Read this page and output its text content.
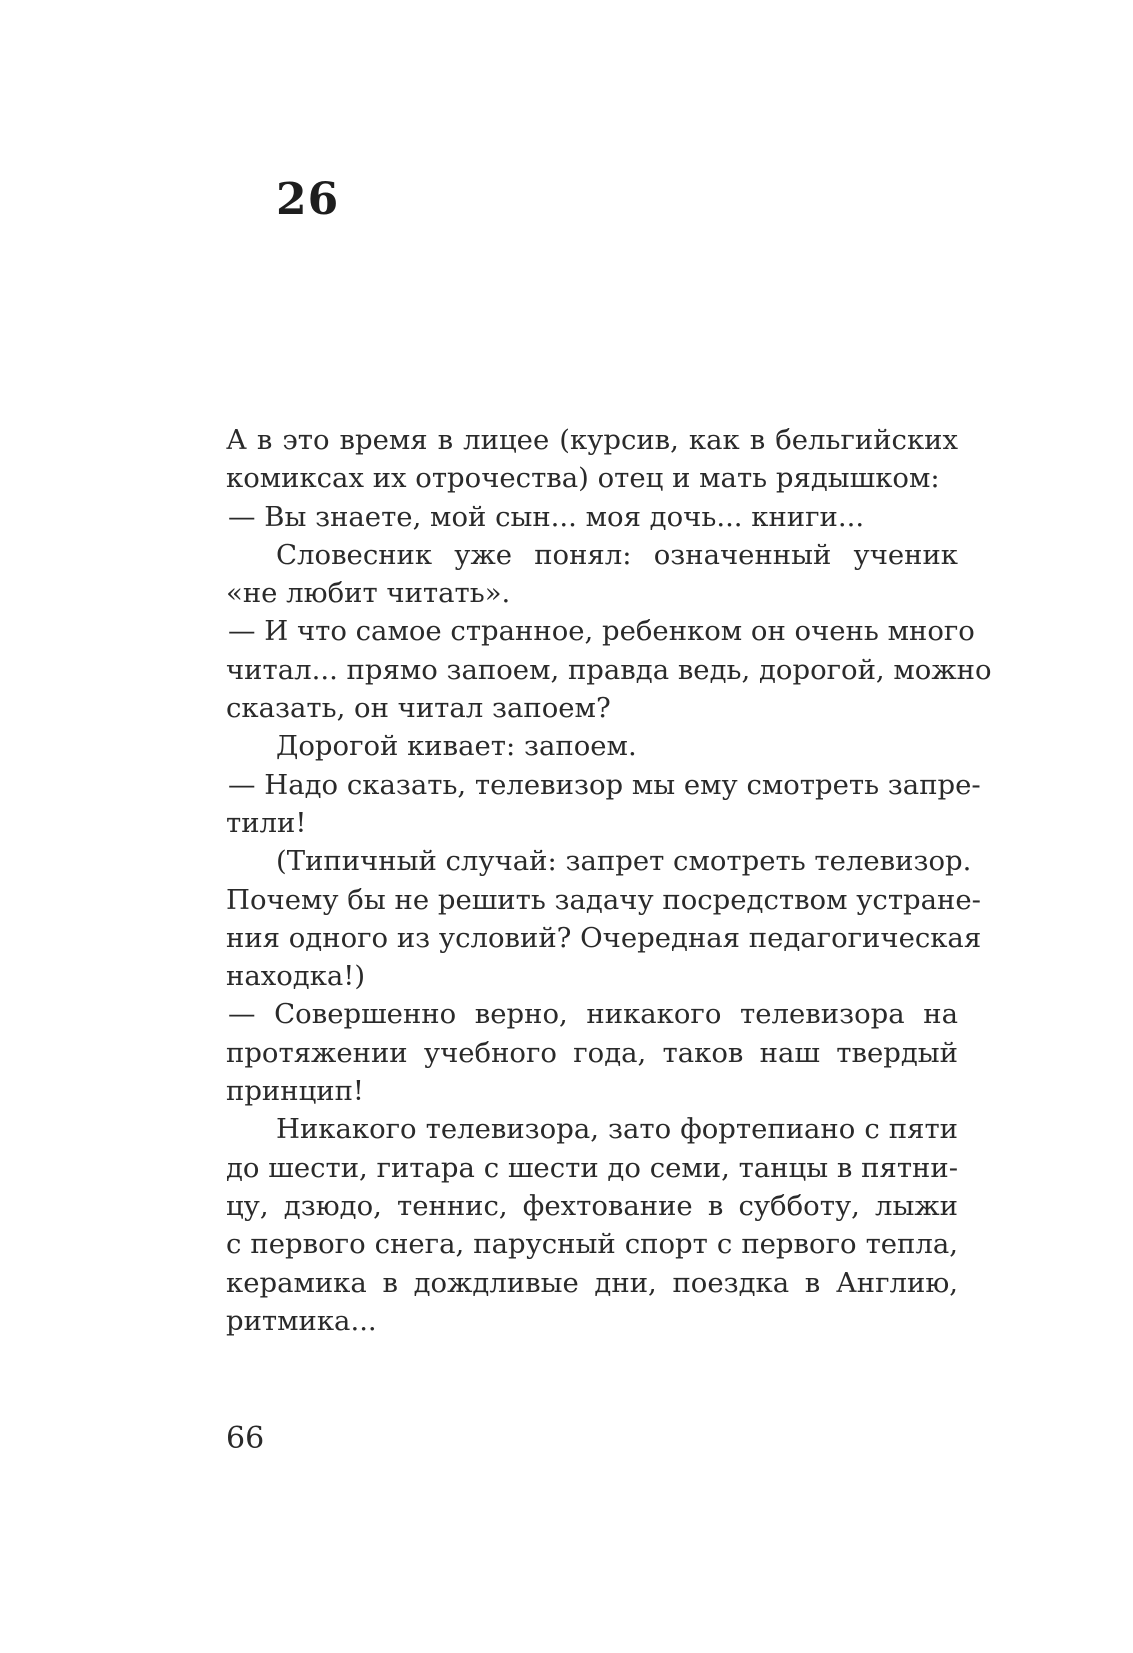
26
А в это время в лицее (курсив, как в бельгийских
комиксах их отрочества) отец и мать рядышком:
— Вы знаете, мой сын... моя дочь... книги...
Словесник уже понял: означенный ученик
«не любит читать».
— И что самое странное, ребенком он очень много
читал... прямо запоем, правда ведь, дорогой, можно
сказать, он читал запоем?
Дорогой кивает: запоем.
— Надо сказать, телевизор мы ему смотреть запре-
тили!
(Типичный случай: запрет смотреть телевизор.
Почему бы не решить задачу посредством устране-
ния одного из условий? Очередная педагогическая
находка!)
— Совершенно верно, никакого телевизора на
протяжении учебного года, таков наш твердый
принцип!
Никакого телевизора, зато фортепиано с пяти
до шести, гитара с шести до семи, танцы в пятни-
цу, дзюдо, теннис, фехтование в субботу, лыжи
с первого снега, парусный спорт с первого тепла,
керамика в дождливые дни, поездка в Англию,
ритмика...
66
